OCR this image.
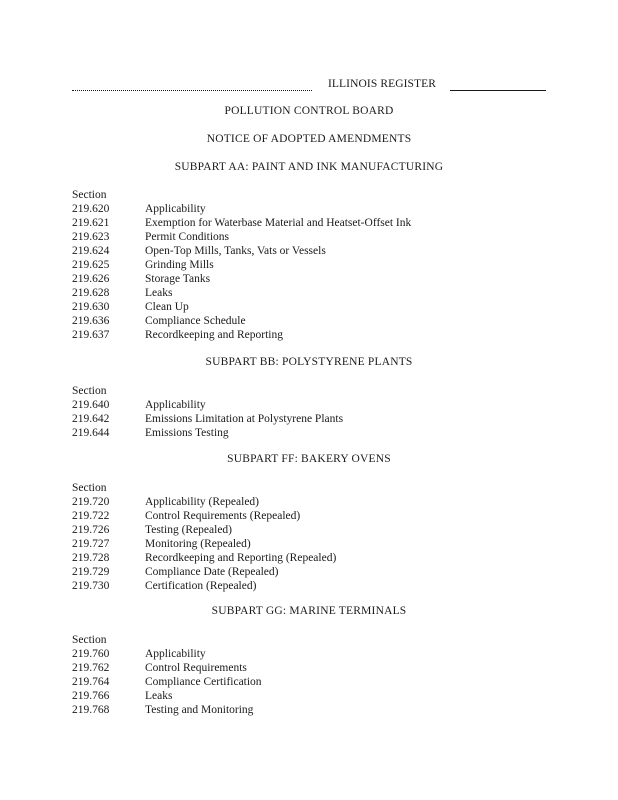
ILLINOIS REGISTER
POLLUTION CONTROL BOARD
NOTICE OF ADOPTED AMENDMENTS
SUBPART AA: PAINT AND INK MANUFACTURING
Section
219.620	Applicability
219.621	Exemption for Waterbase Material and Heatset-Offset Ink
219.623	Permit Conditions
219.624	Open-Top Mills, Tanks, Vats or Vessels
219.625	Grinding Mills
219.626	Storage Tanks
219.628	Leaks
219.630	Clean Up
219.636	Compliance Schedule
219.637	Recordkeeping and Reporting
SUBPART BB: POLYSTYRENE PLANTS
Section
219.640	Applicability
219.642	Emissions Limitation at Polystyrene Plants
219.644	Emissions Testing
SUBPART FF: BAKERY OVENS
Section
219.720	Applicability (Repealed)
219.722	Control Requirements (Repealed)
219.726	Testing (Repealed)
219.727	Monitoring (Repealed)
219.728	Recordkeeping and Reporting (Repealed)
219.729	Compliance Date (Repealed)
219.730	Certification (Repealed)
SUBPART GG: MARINE TERMINALS
Section
219.760	Applicability
219.762	Control Requirements
219.764	Compliance Certification
219.766	Leaks
219.768	Testing and Monitoring
